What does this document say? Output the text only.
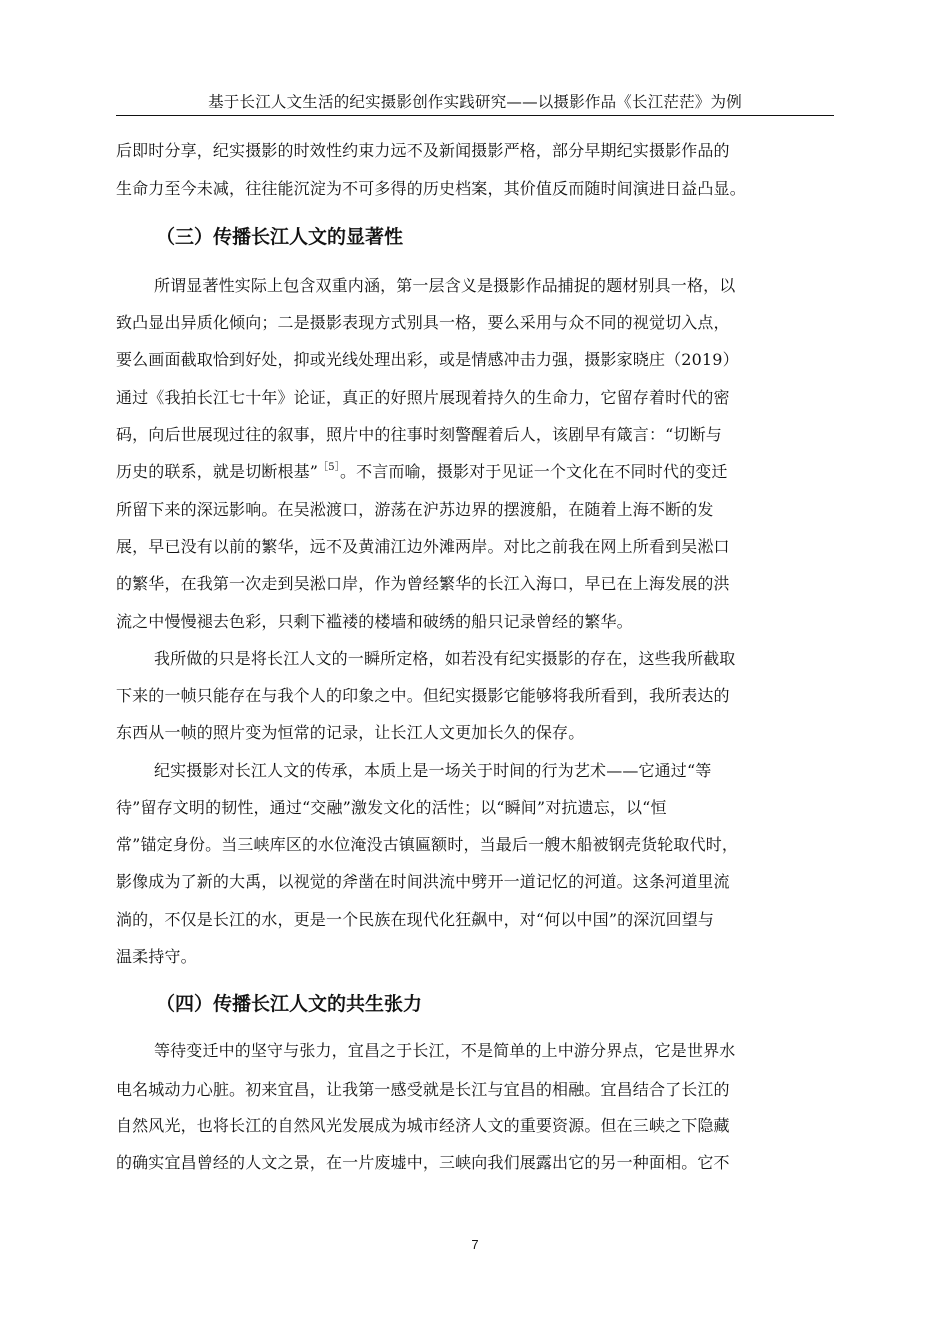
基于长江人文生活的纪实摄影创作实践研究——以摄影作品《长江茫茫》为例
后即时分享，纪实摄影的时效性约束力远不及新闻摄影严格，部分早期纪实摄影作品的
生命力至今未减，往往能沉淀为不可多得的历史档案，其价值反而随时间演进日益凸显。
（三）传播长江人文的显著性
所谓显著性实际上包含双重内涵，第一层含义是摄影作品捕捉的题材别具一格，以
致凸显出异质化倾向；二是摄影表现方式别具一格，要么采用与众不同的视觉切入点，
要么画面截取恰到好处，抑或光线处理出彩，或是情感冲击力强，摄影家晓庄（2019）
通过《我拍长江七十年》论证，真正的好照片展现着持久的生命力，它留存着时代的密
码，向后世展现过往的叙事，照片中的往事时刻警醒着后人，该剧早有箴言：“切断与
历史的联系，就是切断根基”$^{[5]}$。不言而喻，摄影对于见证一个文化在不同时代的变迁
所留下来的深远影响。在吴淞渡口，游荡在沪苏边界的摆渡船，在随着上海不断的发
展，早已没有以前的繁华，远不及黄浦江边外滩两岸。对比之前我在网上所看到吴淞口
的繁华，在我第一次走到吴淞口岸，作为曾经繁华的长江入海口，早已在上海发展的洪
流之中慢慢褪去色彩，只剩下褴褛的楼墙和破绣的船只记录曾经的繁华。
我所做的只是将长江人文的一瞬所定格，如若没有纪实摄影的存在，这些我所截取
下来的一帧只能存在与我个人的印象之中。但纪实摄影它能够将我所看到，我所表达的
东西从一帧的照片变为恒常的记录，让长江人文更加长久的保存。
纪实摄影对长江人文的传承，本质上是一场关于时间的行为艺术——它通过“等
待”留存文明的韧性，通过“交融”激发文化的活性；以“瞬间”对抗遗忘，以“恒
常”锚定身份。当三峡库区的水位淹没古镇匾额时，当最后一艘木船被钢壳货轮取代时，
影像成为了新的大禹，以视觉的斧凿在时间洪流中劈开一道记忆的河道。这条河道里流
淌的，不仅是长江的水，更是一个民族在现代化狂飙中，对“何以中国”的深沉回望与
温柔持守。
（四）传播长江人文的共生张力
等待变迁中的坚守与张力，宜昌之于长江，不是简单的上中游分界点，它是世界水
电名城动力心脏。初来宜昌，让我第一感受就是长江与宜昌的相融。宜昌结合了长江的
自然风光，也将长江的自然风光发展成为城市经济人文的重要资源。但在三峡之下隐藏
的确实宜昌曾经的人文之景，在一片废墟中，三峡向我们展露出它的另一种面相。它不
7
